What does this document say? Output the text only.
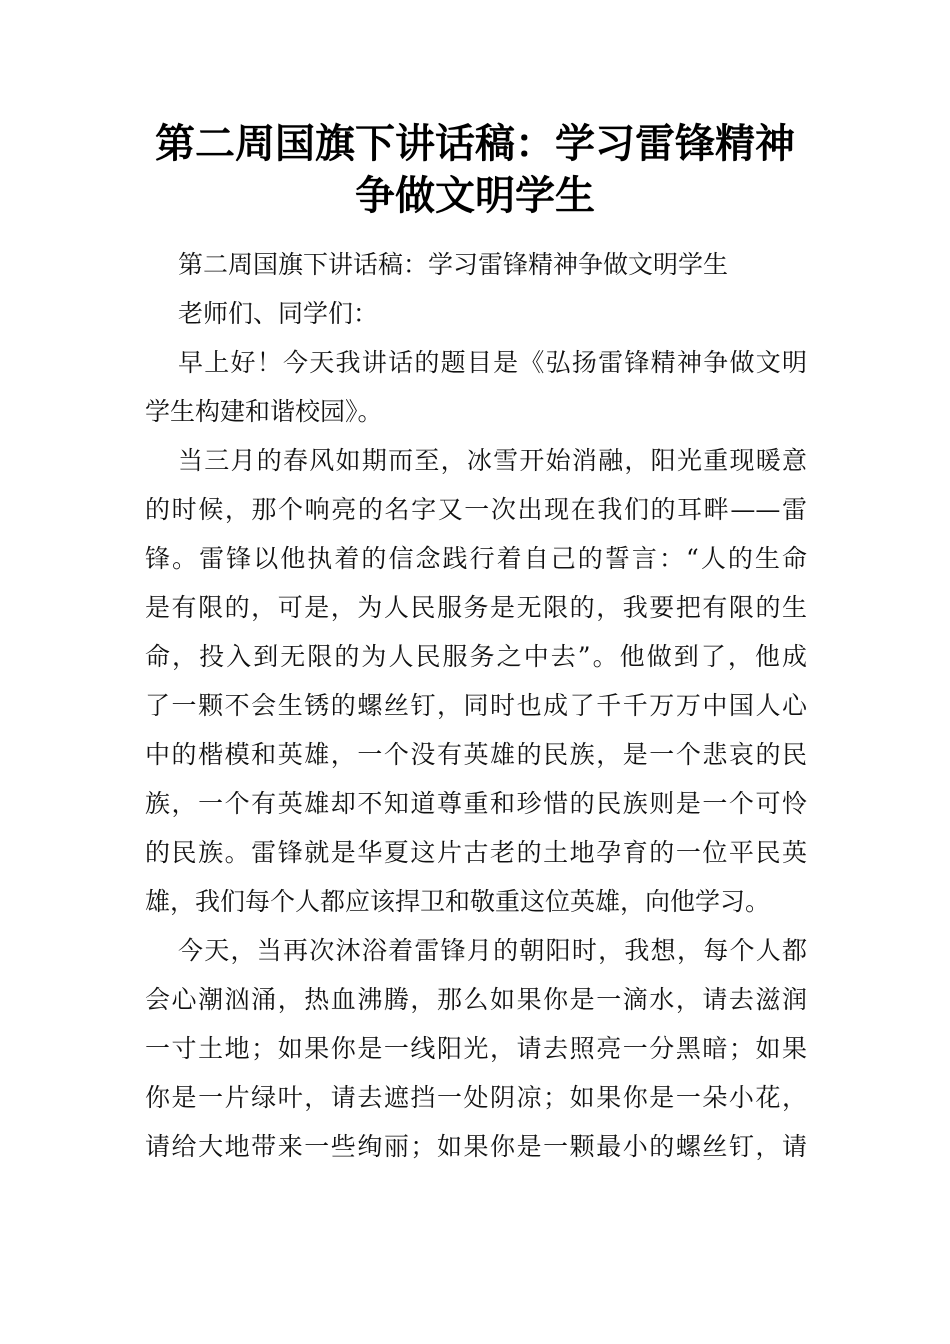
第二周国旗下讲话稿：学习雷锋精神
争做文明学生
第二周国旗下讲话稿：学习雷锋精神争做文明学生
老师们、同学们：
早上好！今天我讲话的题目是《弘扬雷锋精神争做文明
学生构建和谐校园》。
当三月的春风如期而至，冰雪开始消融，阳光重现暖意
的时候，那个响亮的名字又一次出现在我们的耳畔——雷
锋。雷锋以他执着的信念践行着自己的誓言：“人的生命
是有限的，可是，为人民服务是无限的，我要把有限的生
命，投入到无限的为人民服务之中去”。他做到了，他成
了一颗不会生锈的螺丝钉，同时也成了千千万万中国人心
中的楷模和英雄，一个没有英雄的民族，是一个悲哀的民
族，一个有英雄却不知道尊重和珍惜的民族则是一个可怜
的民族。雷锋就是华夏这片古老的土地孕育的一位平民英
雄，我们每个人都应该捍卫和敬重这位英雄，向他学习。
今天，当再次沐浴着雷锋月的朝阳时，我想，每个人都
会心潮汹涌，热血沸腾，那么如果你是一滴水，请去滋润
一寸土地；如果你是一线阳光，请去照亮一分黑暗；如果
你是一片绿叶，请去遮挡一处阴凉；如果你是一朵小花，
请给大地带来一些绚丽；如果你是一颗最小的螺丝钉，请
